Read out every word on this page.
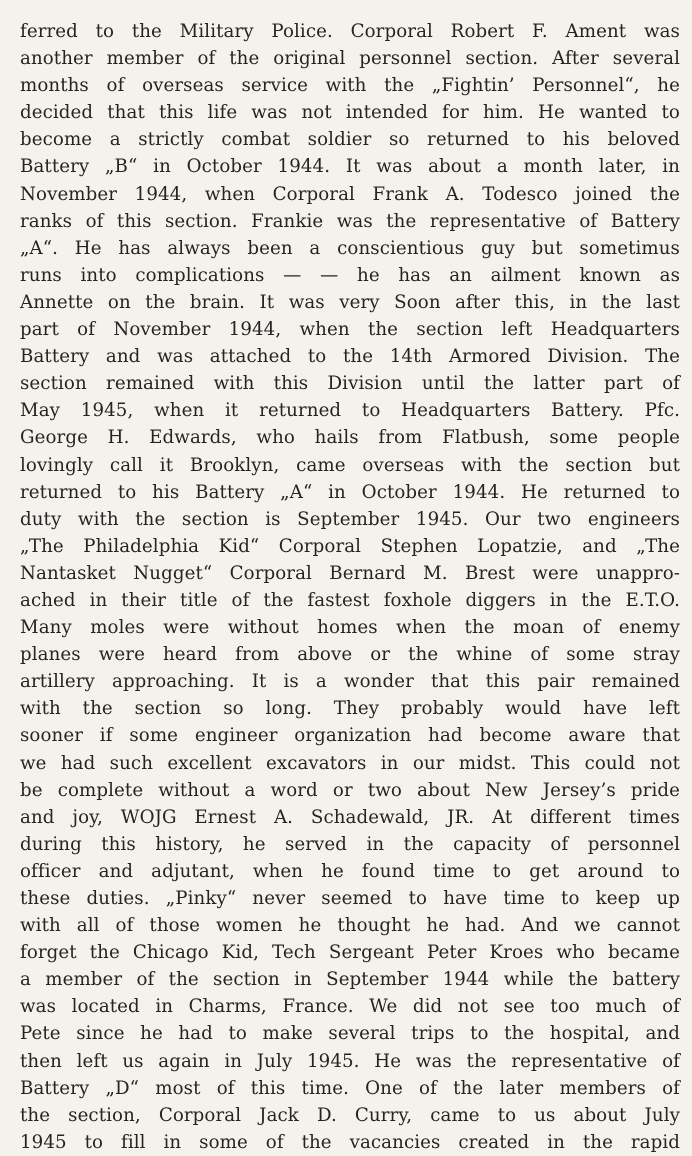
ferred to the Military Police. Corporal Robert F. Ament was
another member of the original personnel section. After several
months of overseas service with the „Fightin’ Personnel“, he
decided that this life was not intended for him. He wanted to
become a strictly combat soldier so returned to his beloved
Battery „B“ in October 1944. It was about a month later, in
November 1944, when Corporal Frank A. Todesco joined the
ranks of this section. Frankie was the representative of Battery
„A“. He has always been a conscientious guy but sometimus
runs into complications — — he has an ailment known as
Annette on the brain. It was very Soon after this, in the last
part of November 1944, when the section left Headquarters
Battery and was attached to the 14th Armored Division. The
section remained with this Division until the latter part of
May 1945, when it returned to Headquarters Battery. Pfc.
George H. Edwards, who hails from Flatbush, some people
lovingly call it Brooklyn, came overseas with the section but
returned to his Battery „A“ in October 1944. He returned to
duty with the section is September 1945. Our two engineers
„The Philadelphia Kid“ Corporal Stephen Lopatzie, and „The
Nantasket Nugget“ Corporal Bernard M. Brest were unappro-
ached in their title of the fastest foxhole diggers in the E.T.O.
Many moles were without homes when the moan of enemy
planes were heard from above or the whine of some stray
artillery approaching. It is a wonder that this pair remained
with the section so long. They probably would have left
sooner if some engineer organization had become aware that
we had such excellent excavators in our midst. This could not
be complete without a word or two about New Jersey’s pride
and joy, WOJG Ernest A. Schadewald, JR. At different times
during this history, he served in the capacity of personnel
officer and adjutant, when he found time to get around to
these duties. „Pinky“ never seemed to have time to keep up
with all of those women he thought he had. And we cannot
forget the Chicago Kid, Tech Sergeant Peter Kroes who became
a member of the section in September 1944 while the battery
was located in Charms, France. We did not see too much of
Pete since he had to make several trips to the hospital, and
then left us again in July 1945. He was the representative of
Battery „D“ most of this time. One of the later members of
the section, Corporal Jack D. Curry, came to us about July
1945 to fill in some of the vacancies created in the rapid
